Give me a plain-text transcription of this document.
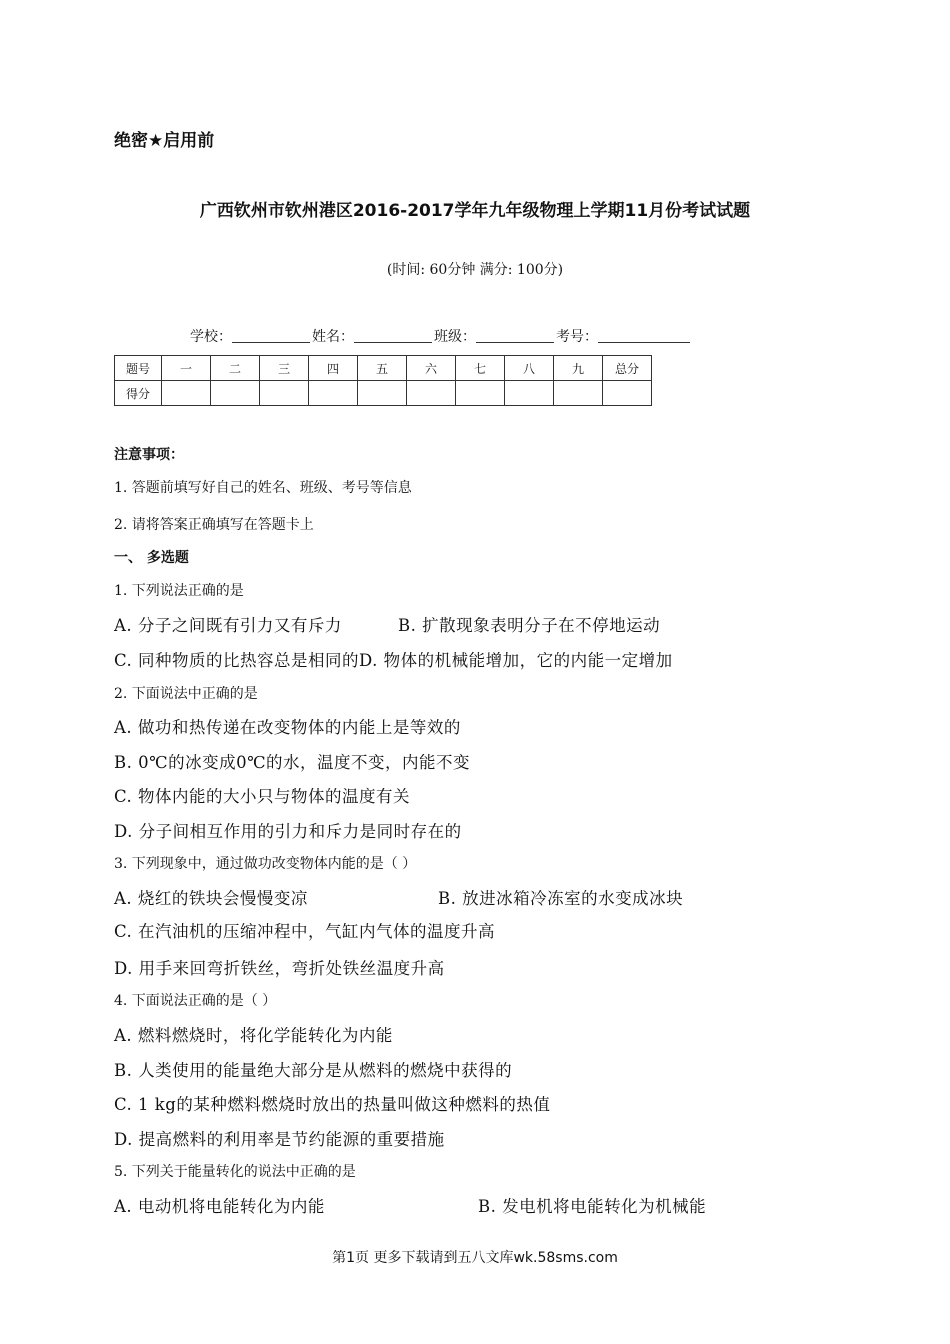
绝密★启用前
广西钦州市钦州港区2016-2017学年九年级物理上学期11月份考试试题
(时间: 60分钟 满分: 100分)
学校：	姓名：	班级：	考号：
题号	一	二	三	四	五	六	七	八	九	总分
得分										
注意事项：
1. 答题前填写好自己的姓名、班级、考号等信息
2. 请将答案正确填写在答题卡上
一、 多选题
1. 下列说法正确的是
A. 分子之间既有引力又有斥力	B. 扩散现象表明分子在不停地运动
C. 同种物质的比热容总是相同的D. 物体的机械能增加，它的内能一定增加
2. 下面说法中正确的是
A. 做功和热传递在改变物体的内能上是等效的
B. 0℃的冰变成0℃的水，温度不变，内能不变
C. 物体内能的大小只与物体的温度有关
D. 分子间相互作用的引力和斥力是同时存在的
3. 下列现象中，通过做功改变物体内能的是（ ）
A. 烧红的铁块会慢慢变凉	B. 放进冰箱冷冻室的水变成冰块
C. 在汽油机的压缩冲程中，气缸内气体的温度升高
D. 用手来回弯折铁丝，弯折处铁丝温度升高
4. 下面说法正确的是（ ）
A. 燃料燃烧时，将化学能转化为内能
B. 人类使用的能量绝大部分是从燃料的燃烧中获得的
C. 1 kg的某种燃料燃烧时放出的热量叫做这种燃料的热值
D. 提高燃料的利用率是节约能源的重要措施
5. 下列关于能量转化的说法中正确的是
A. 电动机将电能转化为内能	B. 发电机将电能转化为机械能
第1页 更多下载请到五八文库wk.58sms.com
